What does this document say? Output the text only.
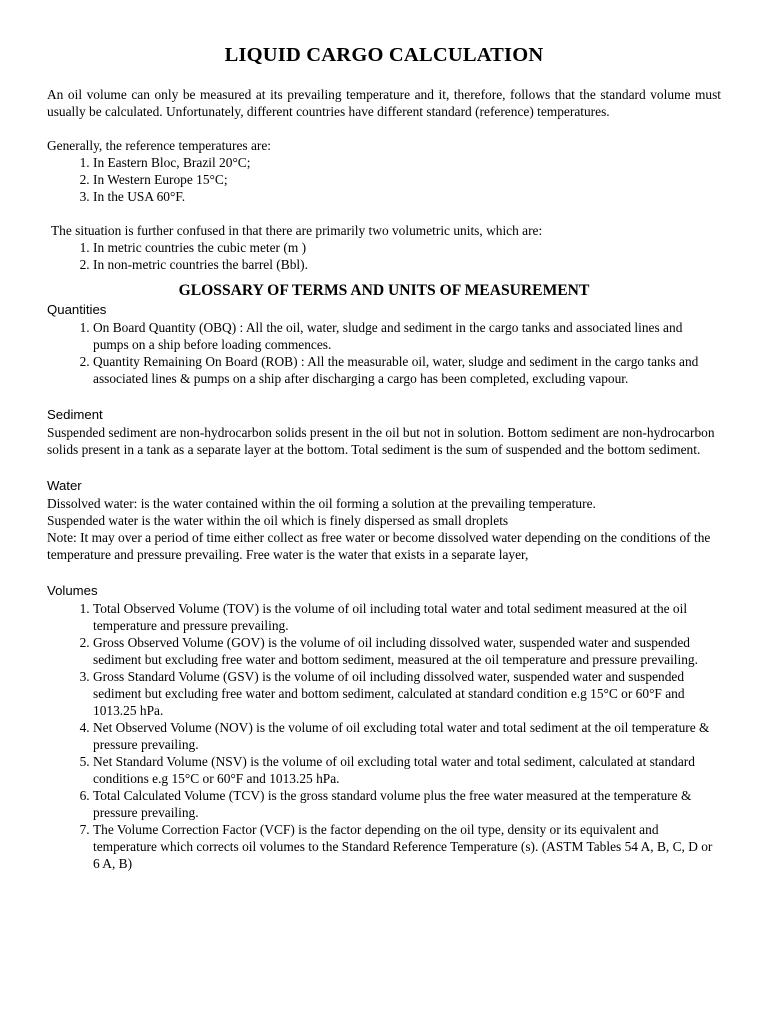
LIQUID CARGO CALCULATION

An oil volume can only be measured at its prevailing temperature and it, therefore, follows that the standard volume must usually be calculated. Unfortunately, different countries have different standard (reference) temperatures.

Generally, the reference temperatures are:

1. In Eastern Bloc, Brazil 20°C;
2. In Western Europe 15°C;
3. In the USA 60°F.

The situation is further confused in that there are primarily two volumetric units, which are:

1. In metric countries the cubic meter (m )
2. In non-metric countries the barrel (Bbl).
GLOSSARY OF TERMS AND UNITS OF MEASUREMENT
Quantities
1. On Board Quantity (OBQ) : All the oil, water, sludge and sediment in the cargo tanks and associated lines and pumps on a ship before loading commences.
2. Quantity Remaining On Board (ROB) : All the measurable oil, water, sludge and sediment in the cargo tanks and associated lines & pumps on a ship after discharging a cargo has been completed, excluding vapour.
Sediment

Suspended sediment are non-hydrocarbon solids present in the oil but not in solution. Bottom sediment are non-hydrocarbon solids present in a tank as a separate layer at the bottom. Total sediment is the sum of suspended and the bottom sediment.

Water

Dissolved water: is the water contained within the oil forming a solution at the prevailing temperature.

Suspended water is the water within the oil which is finely dispersed as small droplets

Note: It may over a period of time either collect as free water or become dissolved water depending on the conditions of the temperature and pressure prevailing. Free water is the water that exists in a separate layer,

Volumes
1. Total Observed Volume (TOV) is the volume of oil including total water and total sediment measured at the oil temperature and pressure prevailing.
2. Gross Observed Volume (GOV) is the volume of oil including dissolved water, suspended water and suspended sediment but excluding free water and bottom sediment, measured at the oil temperature and pressure prevailing.
3. Gross Standard Volume (GSV) is the volume of oil including dissolved water, suspended water and suspended sediment but excluding free water and bottom sediment, calculated at standard condition e.g 15°C or 60°F and 1013.25 hPa.
4. Net Observed Volume (NOV) is the volume of oil excluding total water and total sediment at the oil temperature & pressure prevailing.
5. Net Standard Volume (NSV) is the volume of oil excluding total water and total sediment, calculated at standard conditions e.g 15°C or 60°F and 1013.25 hPa.
6. Total Calculated Volume (TCV) is the gross standard volume plus the free water measured at the temperature & pressure prevailing.
7. The Volume Correction Factor (VCF) is the factor depending on the oil type, density or its equivalent and temperature which corrects oil volumes to the Standard Reference Temperature (s). (ASTM Tables 54 A, B, C, D or 6 A, B)
